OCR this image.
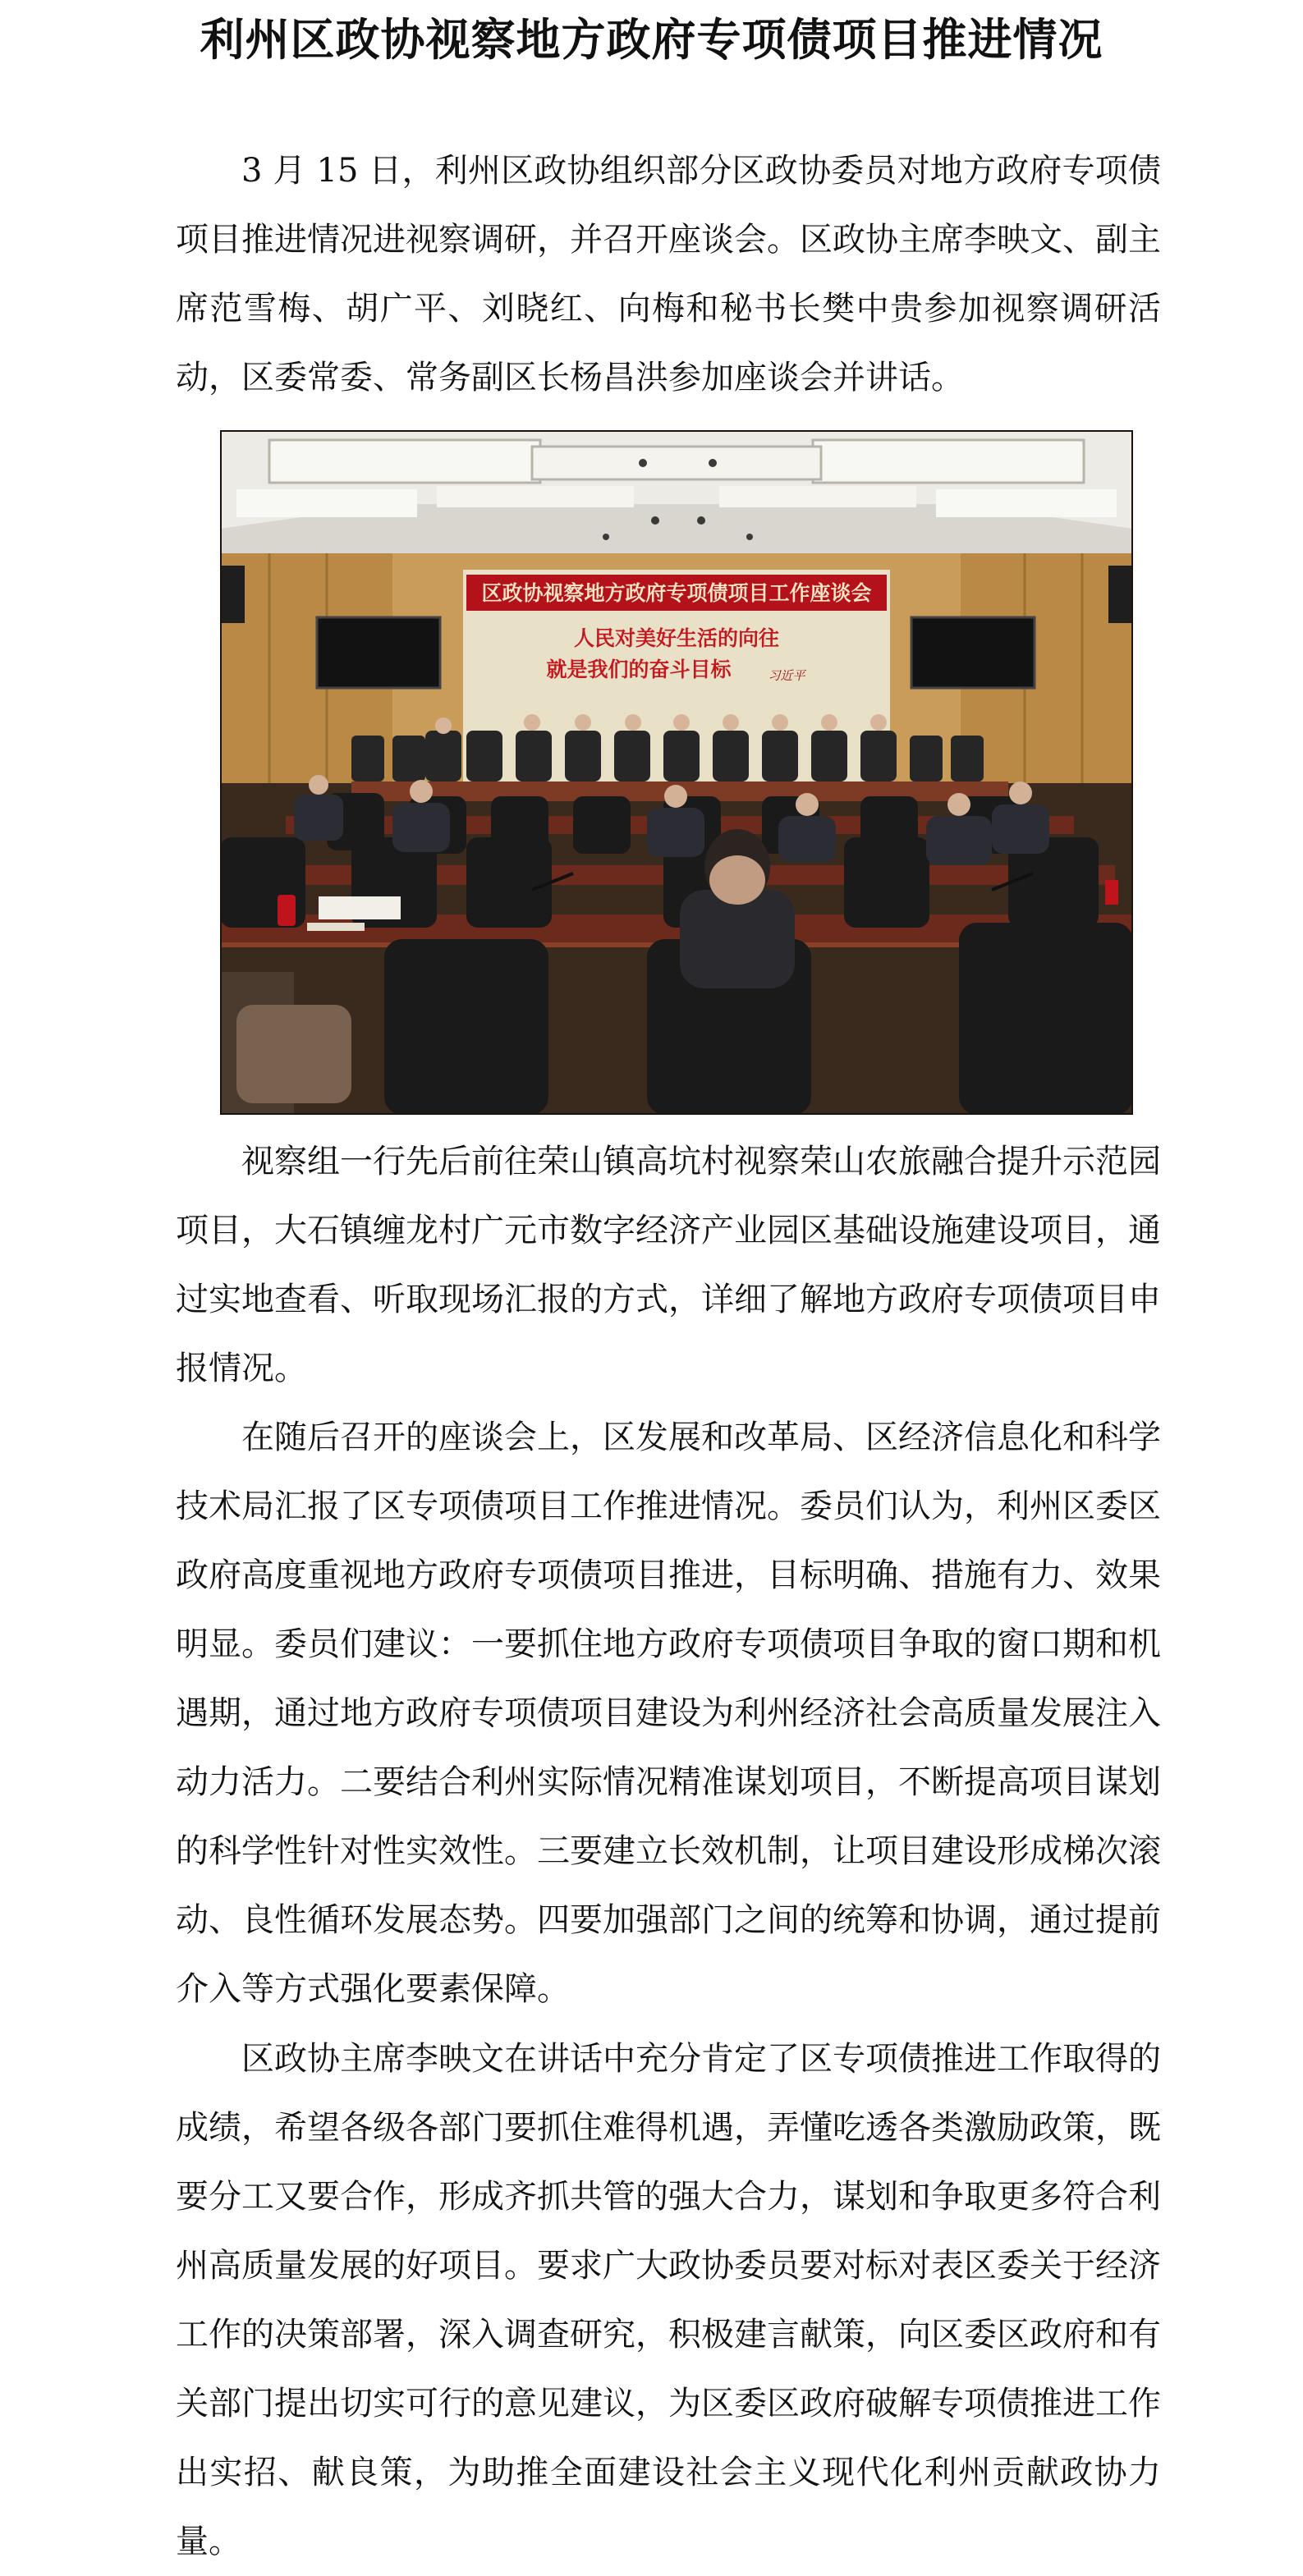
利州区政协视察地方政府专项债项目推进情况

3 月 15 日，利州区政协组织部分区政协委员对地方政府专项债项目推进情况进视察调研，并召开座谈会。区政协主席李映文、副主席范雪梅、胡广平、刘晓红、向梅和秘书长樊中贵参加视察调研活动，区委常委、常务副区长杨昌洪参加座谈会并讲话。

区政协视察地方政府专项债项目工作座谈会
人民对美好生活的向往
就是我们的奋斗目标	习近平

视察组一行先后前往荣山镇高坑村视察荣山农旅融合提升示范园项目，大石镇缠龙村广元市数字经济产业园区基础设施建设项目，通过实地查看、听取现场汇报的方式，详细了解地方政府专项债项目申报情况。

在随后召开的座谈会上，区发展和改革局、区经济信息化和科学技术局汇报了区专项债项目工作推进情况。委员们认为，利州区委区政府高度重视地方政府专项债项目推进，目标明确、措施有力、效果明显。委员们建议：一要抓住地方政府专项债项目争取的窗口期和机遇期，通过地方政府专项债项目建设为利州经济社会高质量发展注入动力活力。二要结合利州实际情况精准谋划项目，不断提高项目谋划的科学性针对性实效性。三要建立长效机制，让项目建设形成梯次滚动、良性循环发展态势。四要加强部门之间的统筹和协调，通过提前介入等方式强化要素保障。

区政协主席李映文在讲话中充分肯定了区专项债推进工作取得的成绩，希望各级各部门要抓住难得机遇，弄懂吃透各类激励政策，既要分工又要合作，形成齐抓共管的强大合力，谋划和争取更多符合利州高质量发展的好项目。要求广大政协委员要对标对表区委关于经济工作的决策部署，深入调查研究，积极建言献策，向区委区政府和有关部门提出切实可行的意见建议，为区委区政府破解专项债推进工作出实招、献良策，为助推全面建设社会主义现代化利州贡献政协力量。
